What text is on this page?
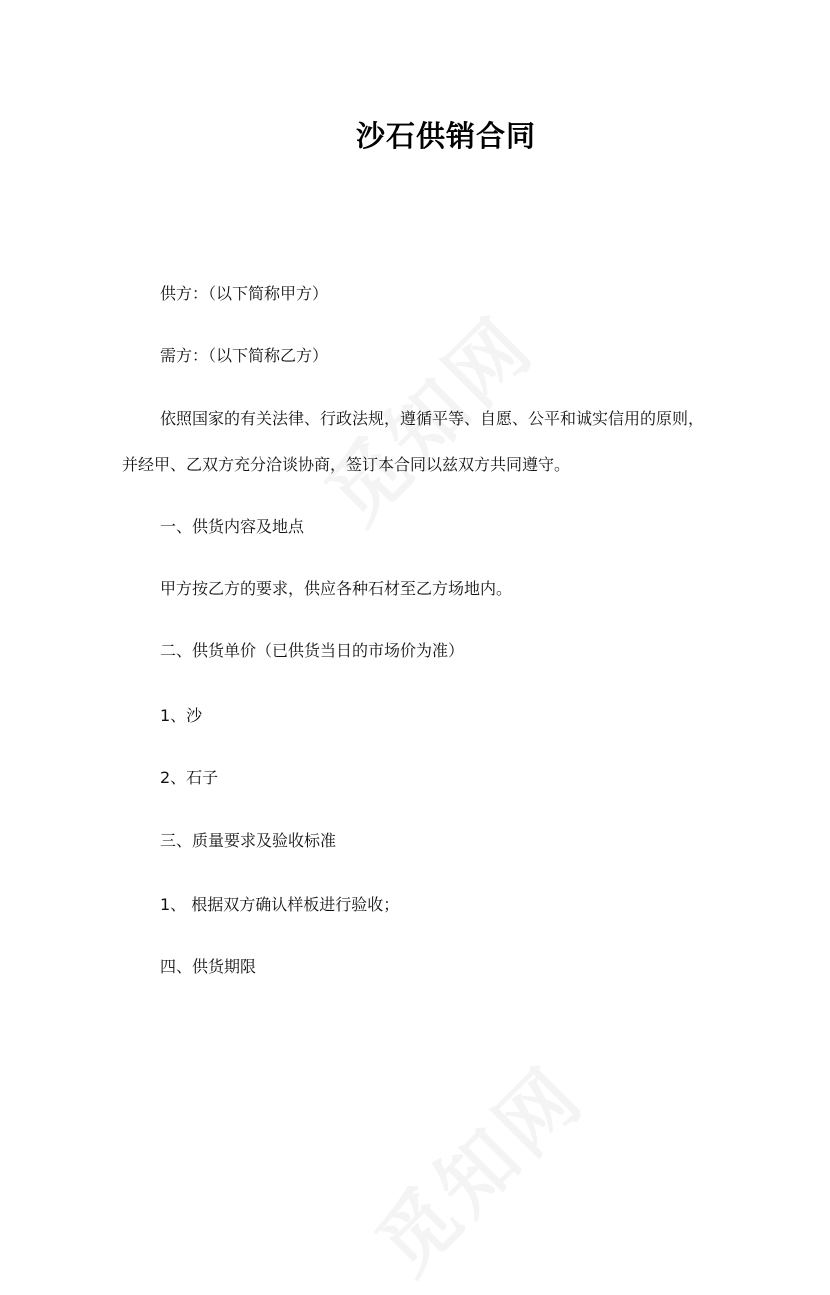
沙石供销合同
供方：（以下简称甲方）
需方：（以下简称乙方）
依照国家的有关法律、行政法规，遵循平等、自愿、公平和诚实信用的原则，
并经甲、乙双方充分洽谈协商，签订本合同以兹双方共同遵守。
一、供货内容及地点
甲方按乙方的要求，供应各种石材至乙方场地内。
二、供货单价（已供货当日的市场价为准）
1、沙
2、石子
三、质量要求及验收标准
1、 根据双方确认样板进行验收；
四、供货期限
